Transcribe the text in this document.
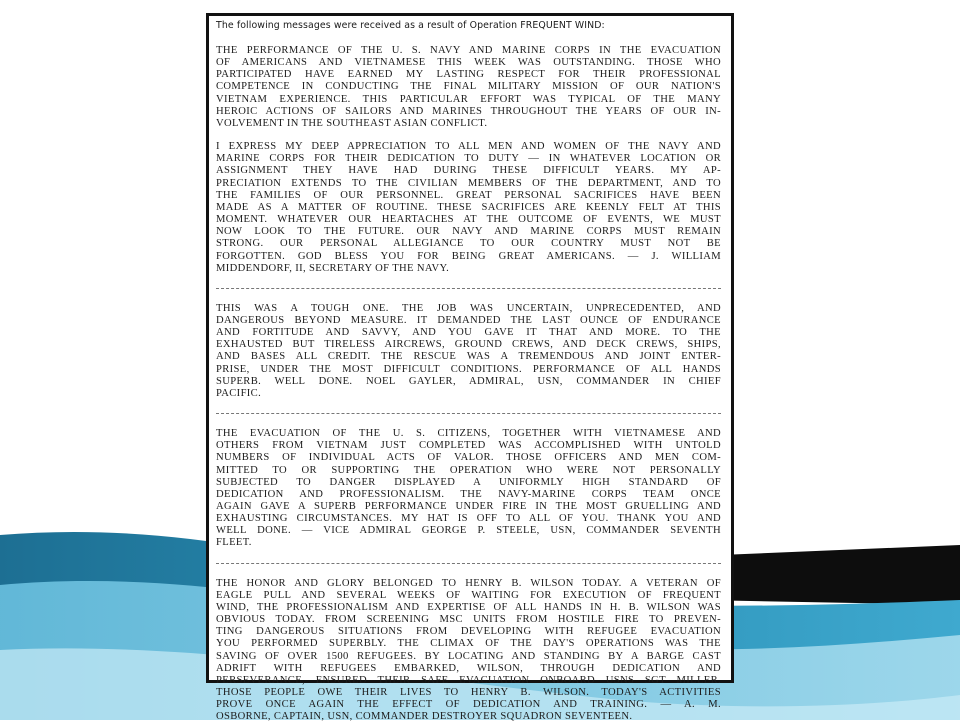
The following messages were received as a result of Operation FREQUENT WIND:

THE PERFORMANCE OF THE U. S. NAVY AND MARINE CORPS IN THE EVACUATION
OF AMERICANS AND VIETNAMESE THIS WEEK WAS OUTSTANDING. THOSE WHO
PARTICIPATED HAVE EARNED MY LASTING RESPECT FOR THEIR PROFESSIONAL
COMPETENCE IN CONDUCTING THE FINAL MILITARY MISSION OF OUR NATION'S
VIETNAM EXPERIENCE. THIS PARTICULAR EFFORT WAS TYPICAL OF THE MANY
HEROIC ACTIONS OF SAILORS AND MARINES THROUGHOUT THE YEARS OF OUR IN-
VOLVEMENT IN THE SOUTHEAST ASIAN CONFLICT.

I EXPRESS MY DEEP APPRECIATION TO ALL MEN AND WOMEN OF THE NAVY AND
MARINE CORPS FOR THEIR DEDICATION TO DUTY — IN WHATEVER LOCATION OR
ASSIGNMENT THEY HAVE HAD DURING THESE DIFFICULT YEARS. MY AP-
PRECIATION EXTENDS TO THE CIVILIAN MEMBERS OF THE DEPARTMENT, AND TO
THE FAMILIES OF OUR PERSONNEL. GREAT PERSONAL SACRIFICES HAVE BEEN
MADE AS A MATTER OF ROUTINE. THESE SACRIFICES ARE KEENLY FELT AT THIS
MOMENT. WHATEVER OUR HEARTACHES AT THE OUTCOME OF EVENTS, WE MUST
NOW LOOK TO THE FUTURE. OUR NAVY AND MARINE CORPS MUST REMAIN
STRONG. OUR PERSONAL ALLEGIANCE TO OUR COUNTRY MUST NOT BE
FORGOTTEN. GOD BLESS YOU FOR BEING GREAT AMERICANS. — J. WILLIAM
MIDDENDORF, II, SECRETARY OF THE NAVY.

THIS WAS A TOUGH ONE. THE JOB WAS UNCERTAIN, UNPRECEDENTED, AND
DANGEROUS BEYOND MEASURE. IT DEMANDED THE LAST OUNCE OF ENDURANCE
AND FORTITUDE AND SAVVY, AND YOU GAVE IT THAT AND MORE. TO THE
EXHAUSTED BUT TIRELESS AIRCREWS, GROUND CREWS, AND DECK CREWS, SHIPS,
AND BASES ALL CREDIT. THE RESCUE WAS A TREMENDOUS AND JOINT ENTER-
PRISE, UNDER THE MOST DIFFICULT CONDITIONS. PERFORMANCE OF ALL HANDS
SUPERB. WELL DONE. NOEL GAYLER, ADMIRAL, USN, COMMANDER IN CHIEF
PACIFIC.

THE EVACUATION OF THE U. S. CITIZENS, TOGETHER WITH VIETNAMESE AND
OTHERS FROM VIETNAM JUST COMPLETED WAS ACCOMPLISHED WITH UNTOLD
NUMBERS OF INDIVIDUAL ACTS OF VALOR. THOSE OFFICERS AND MEN COM-
MITTED TO OR SUPPORTING THE OPERATION WHO WERE NOT PERSONALLY
SUBJECTED TO DANGER DISPLAYED A UNIFORMLY HIGH STANDARD OF
DEDICATION AND PROFESSIONALISM. THE NAVY-MARINE CORPS TEAM ONCE
AGAIN GAVE A SUPERB PERFORMANCE UNDER FIRE IN THE MOST GRUELLING AND
EXHAUSTING CIRCUMSTANCES. MY HAT IS OFF TO ALL OF YOU. THANK YOU AND
WELL DONE. — VICE ADMIRAL GEORGE P. STEELE, USN, COMMANDER SEVENTH
FLEET.

THE HONOR AND GLORY BELONGED TO HENRY B. WILSON TODAY. A VETERAN OF
EAGLE PULL AND SEVERAL WEEKS OF WAITING FOR EXECUTION OF FREQUENT
WIND, THE PROFESSIONALISM AND EXPERTISE OF ALL HANDS IN H. B. WILSON WAS
OBVIOUS TODAY. FROM SCREENING MSC UNITS FROM HOSTILE FIRE TO PREVEN-
TING DANGEROUS SITUATIONS FROM DEVELOPING WITH REFUGEE EVACUATION
YOU PERFORMED SUPERBLY. THE CLIMAX OF THE DAY'S OPERATIONS WAS THE
SAVING OF OVER 1500 REFUGEES. BY LOCATING AND STANDING BY A BARGE CAST
ADRIFT WITH REFUGEES EMBARKED, WILSON, THROUGH DEDICATION AND
PERSEVERANCE, ENSURED THEIR SAFE EVACUATION ONBOARD USNS SGT MILLER.
THOSE PEOPLE OWE THEIR LIVES TO HENRY B. WILSON. TODAY'S ACTIVITIES
PROVE ONCE AGAIN THE EFFECT OF DEDICATION AND TRAINING. — A. M.
OSBORNE, CAPTAIN, USN, COMMANDER DESTROYER SQUADRON SEVENTEEN.
